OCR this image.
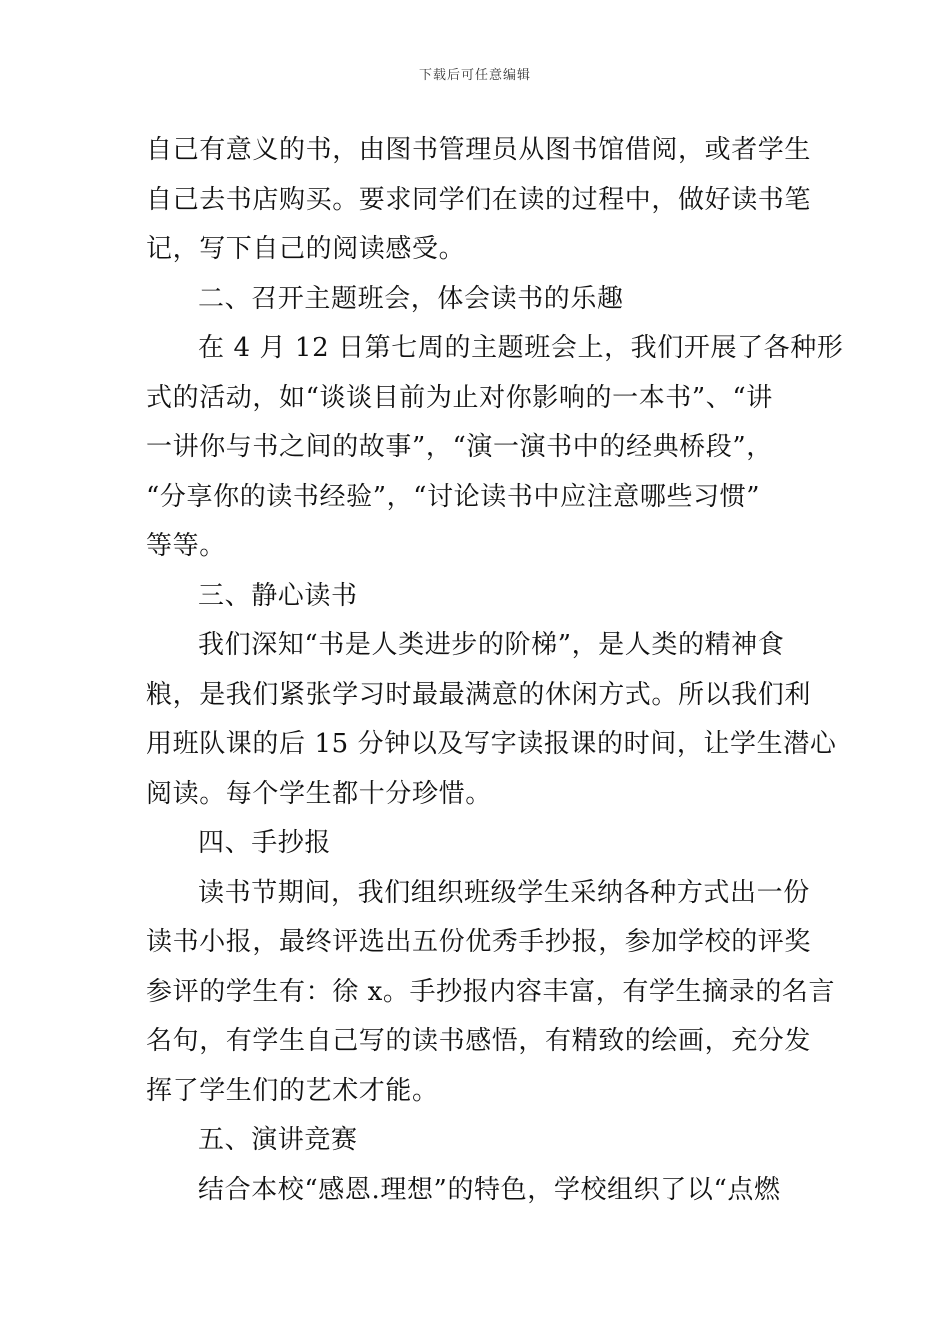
下载后可任意编辑
自己有意义的书，由图书管理员从图书馆借阅，或者学生
自己去书店购买。要求同学们在读的过程中，做好读书笔
记，写下自己的阅读感受。
二、召开主题班会，体会读书的乐趣
在 4 月 12 日第七周的主题班会上，我们开展了各种形
式的活动，如“谈谈目前为止对你影响的一本书”、“讲
一讲你与书之间的故事”，“演一演书中的经典桥段”，
“分享你的读书经验”，“讨论读书中应注意哪些习惯”
等等。
三、静心读书
我们深知“书是人类进步的阶梯”，是人类的精神食
粮，是我们紧张学习时最最满意的休闲方式。所以我们利
用班队课的后 15 分钟以及写字读报课的时间，让学生潜心
阅读。每个学生都十分珍惜。
四、手抄报
读书节期间，我们组织班级学生采纳各种方式出一份
读书小报，最终评选出五份优秀手抄报，参加学校的评奖
参评的学生有：徐 x。手抄报内容丰富，有学生摘录的名言
名句，有学生自己写的读书感悟，有精致的绘画，充分发
挥了学生们的艺术才能。
五、演讲竞赛
结合本校“感恩.理想”的特色，学校组织了以“点燃
